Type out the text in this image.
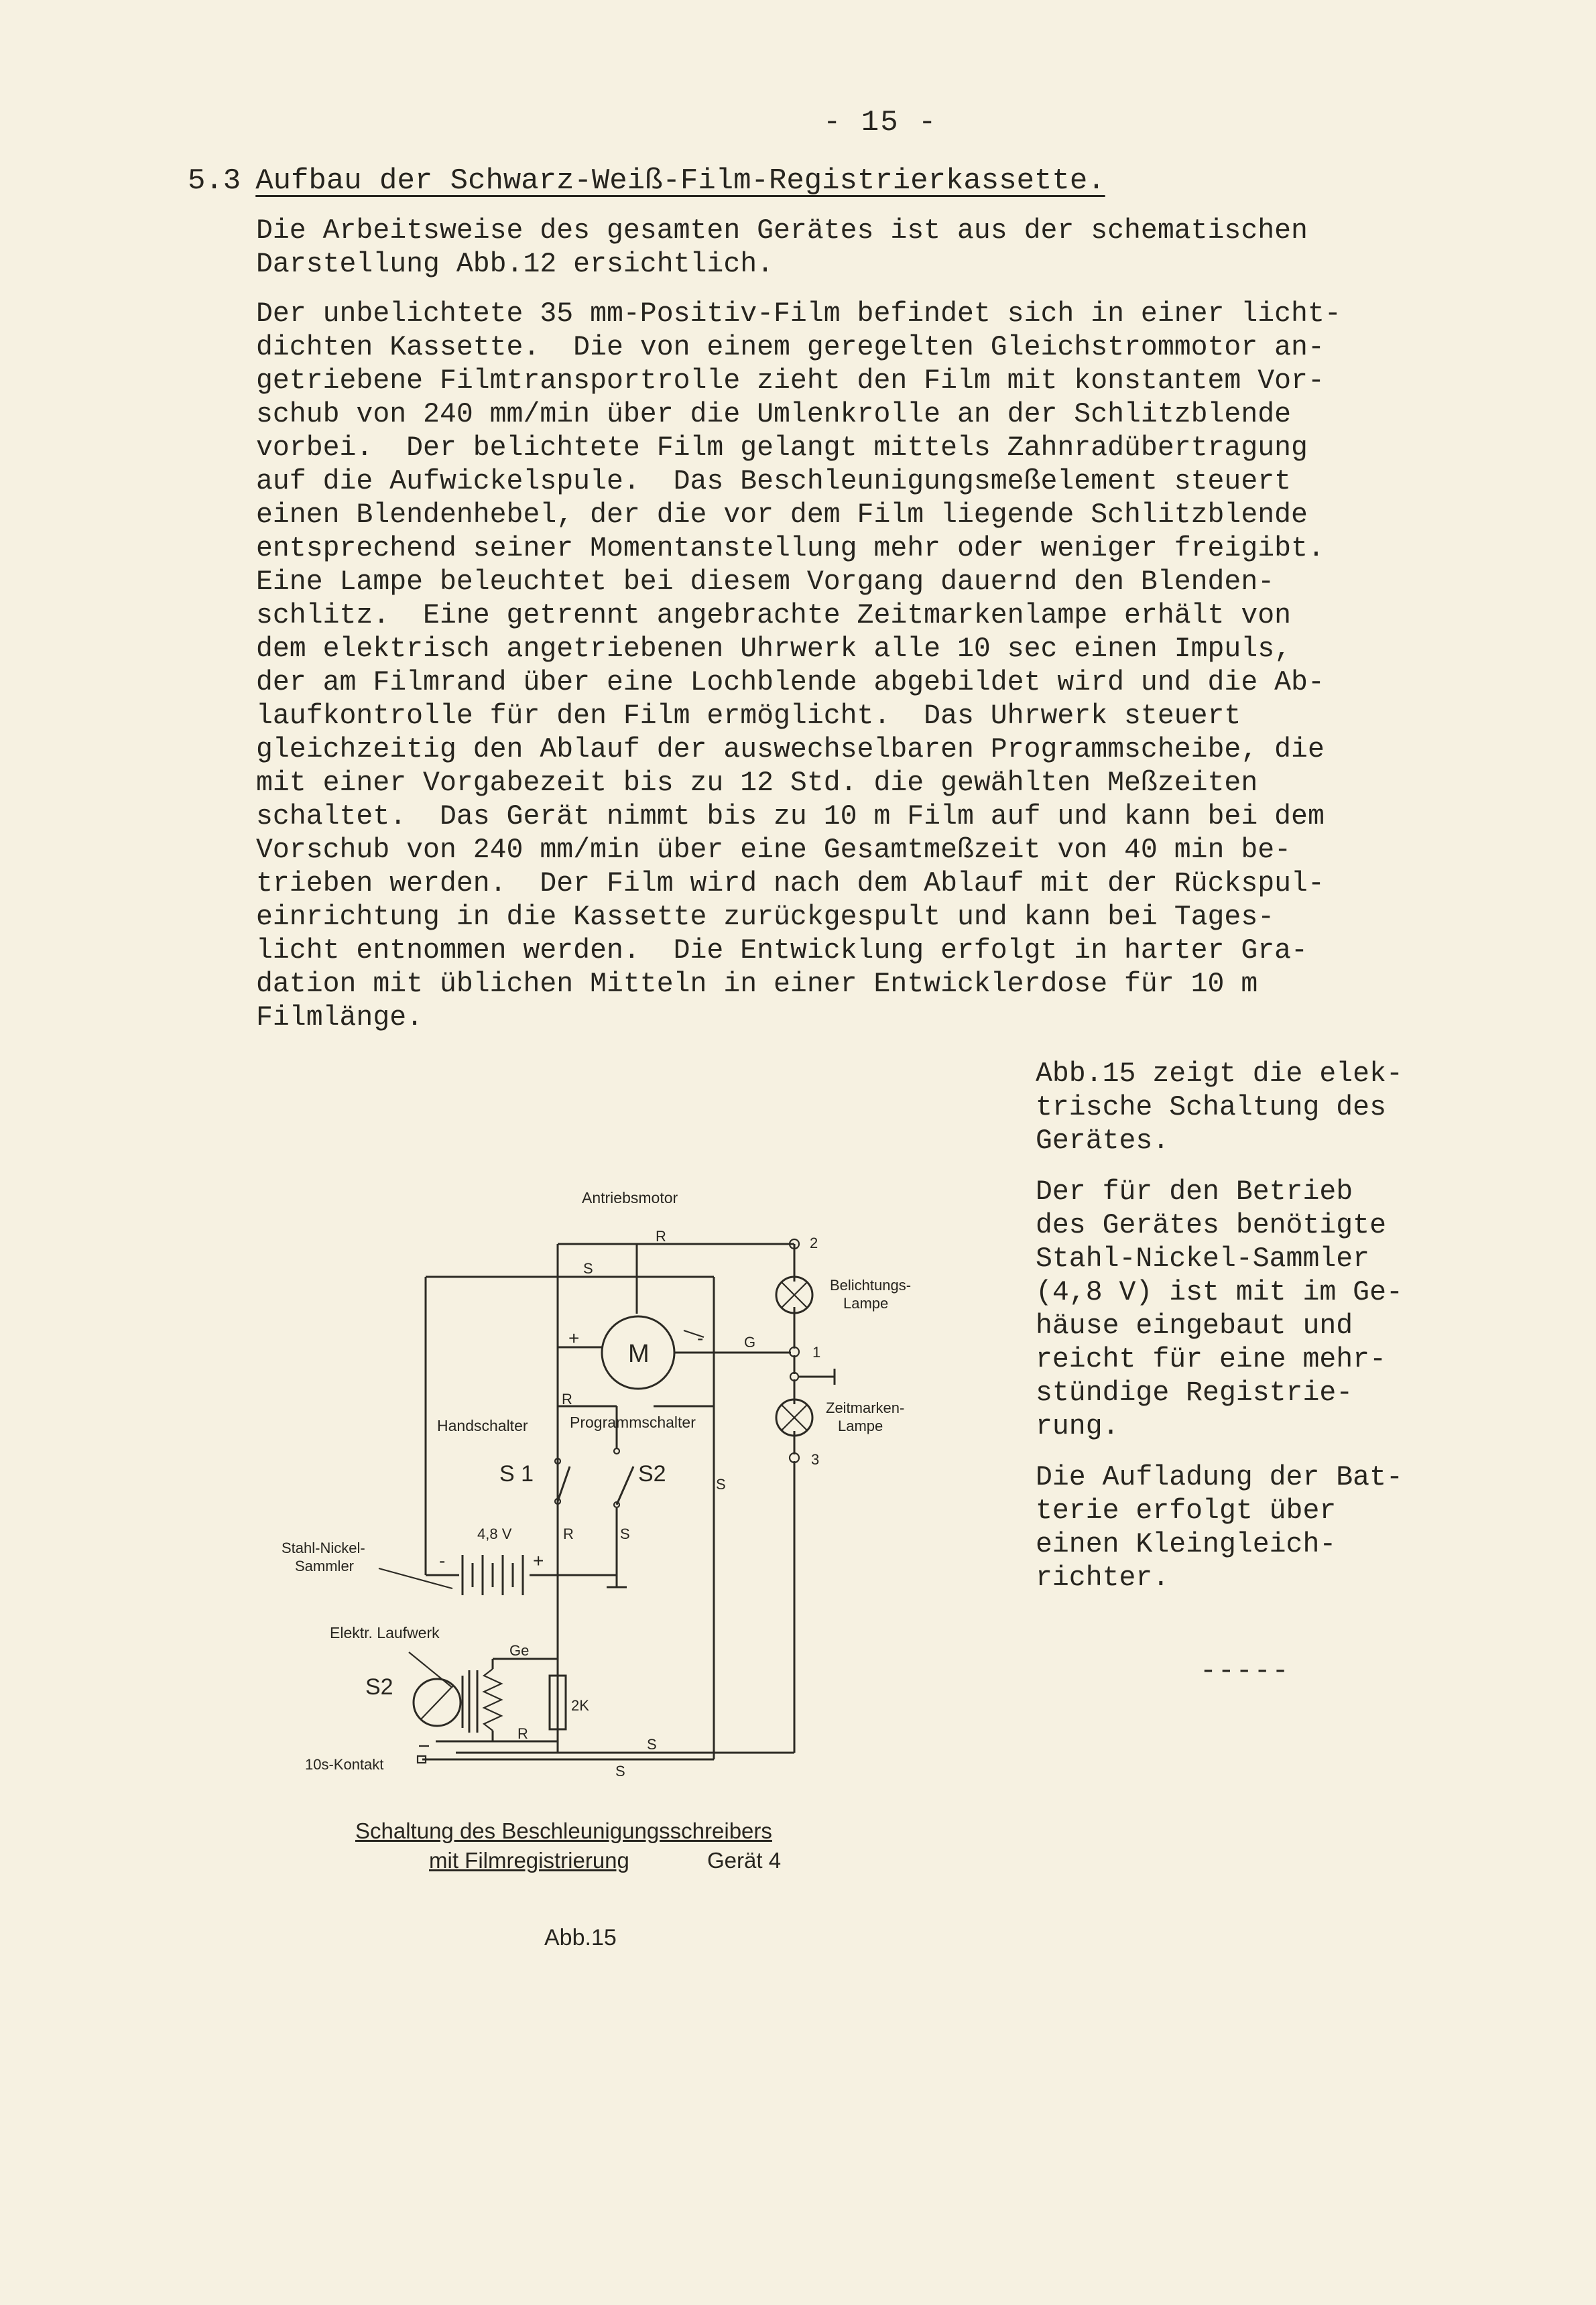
- 15 -
5.3 Aufbau der Schwarz-Weiß-Film-Registrierkassette.
Die Arbeitsweise des gesamten Gerätes ist aus der schematischen
Darstellung Abb.12 ersichtlich.
Der unbelichtete 35 mm-Positiv-Film befindet sich in einer licht-
dichten Kassette.  Die von einem geregelten Gleichstrommotor an-
getriebene Filmtransportrolle zieht den Film mit konstantem Vor-
schub von 240 mm/min über die Umlenkrolle an der Schlitzblende
vorbei.  Der belichtete Film gelangt mittels Zahnradübertragung
auf die Aufwickelspule.  Das Beschleunigungsmeßelement steuert
einen Blendenhebel, der die vor dem Film liegende Schlitzblende
entsprechend seiner Momentanstellung mehr oder weniger freigibt.
Eine Lampe beleuchtet bei diesem Vorgang dauernd den Blenden-
schlitz.  Eine getrennt angebrachte Zeitmarkenlampe erhält von
dem elektrisch angetriebenen Uhrwerk alle 10 sec einen Impuls,
der am Filmrand über eine Lochblende abgebildet wird und die Ab-
laufkontrolle für den Film ermöglicht.  Das Uhrwerk steuert
gleichzeitig den Ablauf der auswechselbaren Programmscheibe, die
mit einer Vorgabezeit bis zu 12 Std. die gewählten Meßzeiten
schaltet.  Das Gerät nimmt bis zu 10 m Film auf und kann bei dem
Vorschub von 240 mm/min über eine Gesamtmeßzeit von 40 min be-
trieben werden.  Der Film wird nach dem Ablauf mit der Rückspul-
einrichtung in die Kassette zurückgespult und kann bei Tages-
licht entnommen werden.  Die Entwicklung erfolgt in harter Gra-
dation mit üblichen Mitteln in einer Entwicklerdose für 10 m
Filmlänge.
Abb.15 zeigt die elek-
trische Schaltung des
Gerätes.
Der für den Betrieb
des Gerätes benötigte
Stahl-Nickel-Sammler
(4,8 V) ist mit im Ge-
häuse eingebaut und
reicht für eine mehr-
stündige Registrie-
rung.
Die Aufladung der Bat-
terie erfolgt über
einen Kleingleich-
richter.
-----
Antriebsmotor
M
+	-
R
S
G
2
1
3
Belichtungs-
Lampe
Zeitmarken-
Lampe
R
Handschalter	Programmschalter
S 1	S2	S
R	S
4,8 V
-	+
Stahl-Nickel-
Sammler
Elektr. Laufwerk
Ge
S2
2K
R
S
S
10s-Kontakt
Schaltung des Beschleunigungsschreibers
mit Filmregistrierung	Gerät 4
Abb.15
